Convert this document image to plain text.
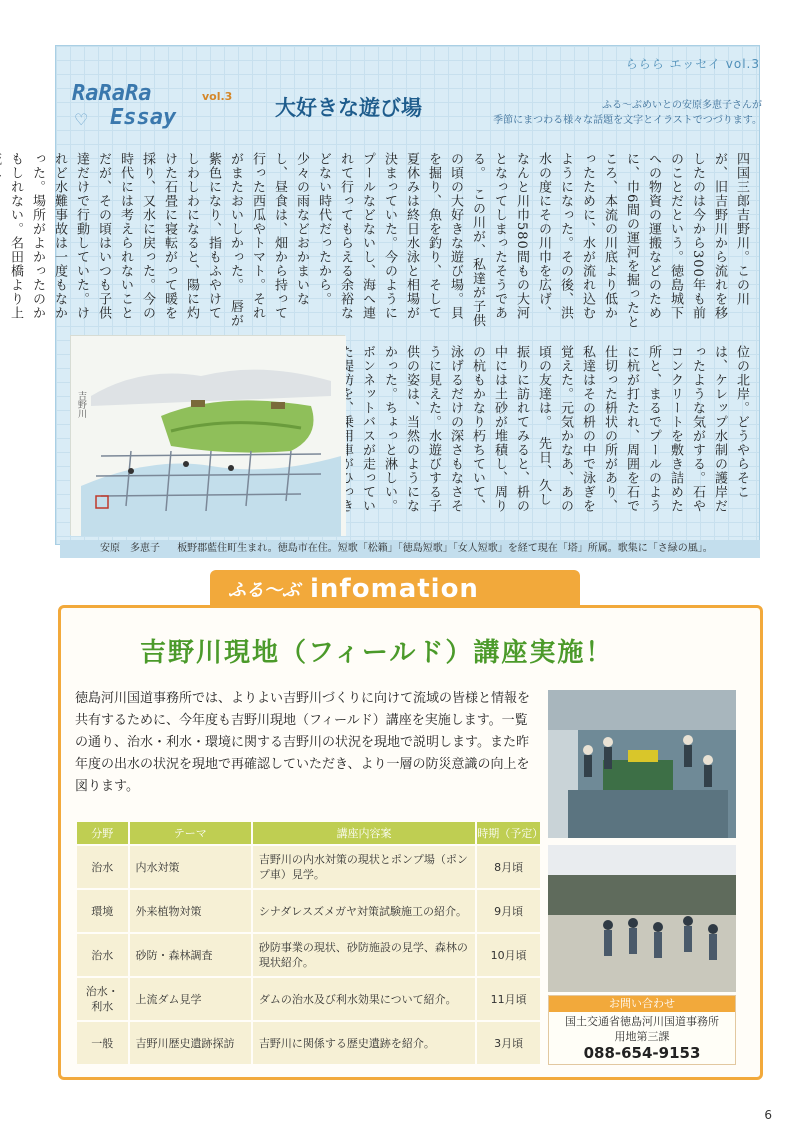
ららら エッセイ vol.3
RaRaRa
Essay
vol.3
♡	大好きな遊び場	ふる〜ぶめいとの安原多恵子さんが
季節にまつわる様々な話題を文字とイラストでつづります。
四国三郎吉野川。この川が、旧吉野川から流れを移したのは今から300年も前のことだという。徳島城下への物資の運搬などのために、巾6間の運河を掘ったところ、本流の川底より低かったために、水が流れ込むようになった。その後、洪水の度にその川巾を広げ、なんと川巾580間もの大河となってしまったそうである。　この川が、私達が子供の頃の大好きな遊び場。貝を掘り、魚を釣り、そして夏休みは終日水泳と相場が決まっていた。今のようにプールなどないし、海へ連れて行ってもらえる余裕などない時代だったから。少々の雨などおかまいなし、昼食は、畑から持って行った西瓜やトマト。それがまたおいしかった。　唇が紫色になり、指もふやけてしわしわになると、陽に灼けた石畳に寝転がって暖を採り、又水に戻った。今の時代には考えられないことだが、その頃はいつも子供達だけで行動していた。けれど水難事故は一度もなかった。場所がよかったのかもしれない。名田橋より上
位の北岸。どうやらそこは、ケレップ水制の護岸だったような気がする。石やコンクリートを敷き詰めた所と、まるでプールのように杭が打たれ、周囲を石で仕切った枡状の所があり、私達はその枡の中で泳ぎを覚えた。元気かなあ、あの頃の友達は。　先日、久し振りに訪れてみると、枡の中には土砂が堆積し、周りの杭もかなり朽ちていて、泳げるだけの深さもなさそうに見えた。水遊びする子供の姿は、当然のようになかった。ちょっと淋しい。ボンネットバスが走ってい
吉野川
安原　多恵子 板野郡藍住町生まれ。徳島市在住。短歌「松籟」「徳島短歌」「女人短歌」を経て現在「塔」所属。歌集に「さ緑の風」。
ふる〜ぶ infomation
吉野川現地（フィールド）講座実施！
徳島河川国道事務所では、よりよい吉野川づくりに向けて流域の皆様と情報を共有するために、今年度も吉野川現地（フィールド）講座を実施します。一覧の通り、治水・利水・環境に関する吉野川の状況を現地で説明します。また昨年度の出水の状況を現地で再確認していただき、より一層の防災意識の向上を図ります。
分野	テーマ	講座内容案	時期（予定）
治水	内水対策	吉野川の内水対策の現状とポンプ場（ポンプ車）見学。	8月頃
環境	外来植物対策	シナダレスズメガヤ対策試験施工の紹介。	9月頃
治水	砂防・森林調査	砂防事業の現状、砂防施設の見学、森林の現状紹介。	10月頃
治水・利水	上流ダム見学	ダムの治水及び利水効果について紹介。	11月頃
一般	吉野川歴史遺跡探訪	吉野川に関係する歴史遺跡を紹介。	3月頃
お問い合わせ
国土交通省徳島河川国道事務所
用地第三課
088-654-9153
6
